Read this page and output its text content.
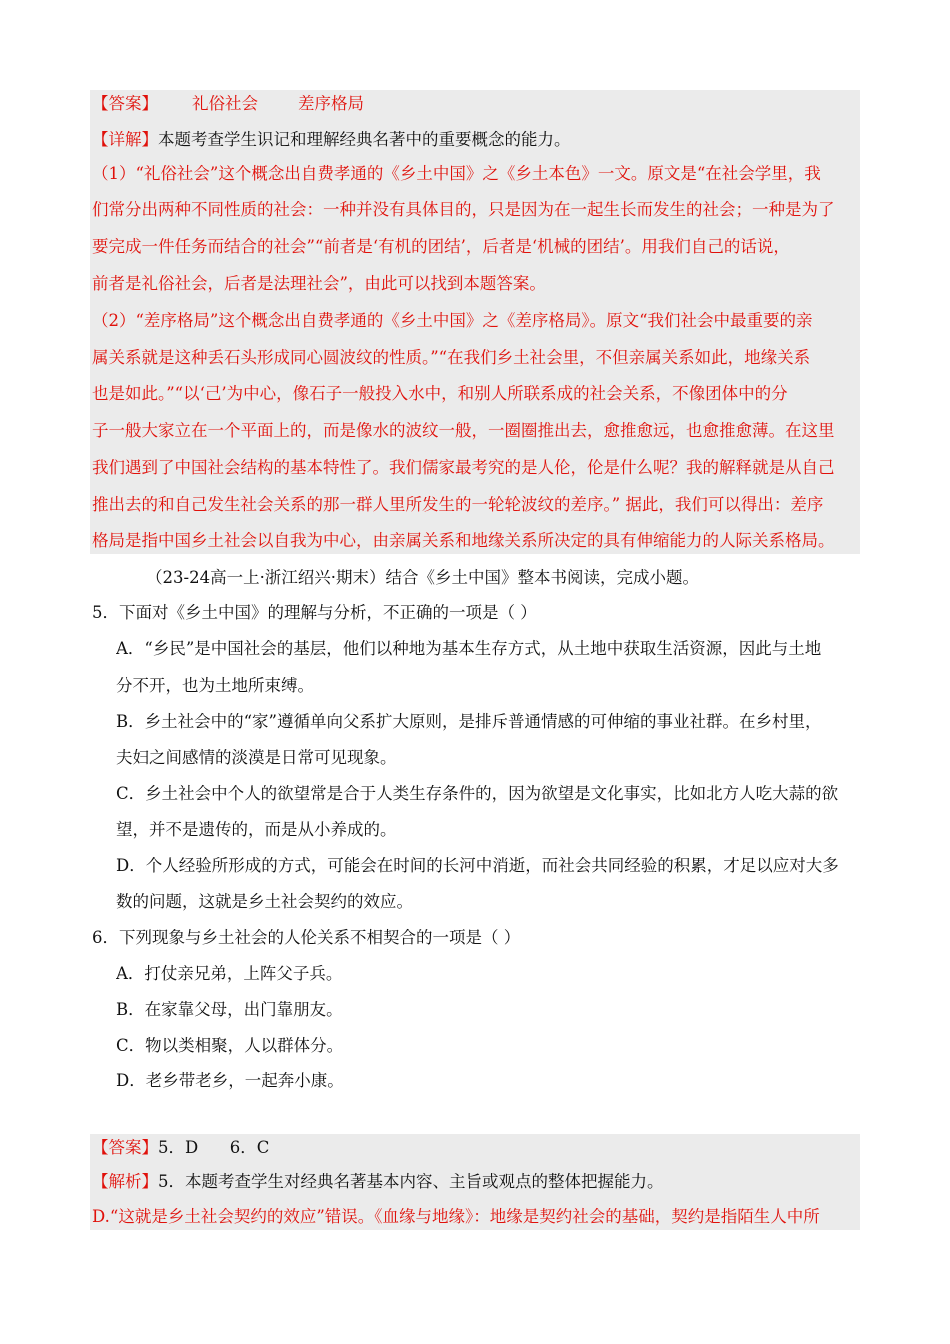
【答案】 礼俗社会 差序格局
【详解】本题考查学生识记和理解经典名著中的重要概念的能力。
（1）“礼俗社会”这个概念出自费孝通的《乡土中国》之《乡土本色》一文。原文是“在社会学里，我
们常分出两种不同性质的社会：一种并没有具体目的，只是因为在一起生长而发生的社会；一种是为了
要完成一件任务而结合的社会”“前者是‘有机的团结’，后者是‘机械的团结’。用我们自己的话说，
前者是礼俗社会，后者是法理社会”，由此可以找到本题答案。
（2）“差序格局”这个概念出自费孝通的《乡土中国》之《差序格局》。原文“我们社会中最重要的亲
属关系就是这种丢石头形成同心圆波纹的性质。”“在我们乡土社会里，不但亲属关系如此，地缘关系
也是如此。”“以‘己’为中心，像石子一般投入水中，和别人所联系成的社会关系，不像团体中的分
子一般大家立在一个平面上的，而是像水的波纹一般，一圈圈推出去，愈推愈远，也愈推愈薄。在这里
我们遇到了中国社会结构的基本特性了。我们儒家最考究的是人伦，伦是什么呢？我的解释就是从自己
推出去的和自己发生社会关系的那一群人里所发生的一轮轮波纹的差序。” 据此，我们可以得出：差序
格局是指中国乡土社会以自我为中心，由亲属关系和地缘关系所决定的具有伸缩能力的人际关系格局。
（23-24高一上·浙江绍兴·期末）结合《乡土中国》整本书阅读，完成小题。
5．下面对《乡土中国》的理解与分析，不正确的一项是（ ）
A．“乡民”是中国社会的基层，他们以种地为基本生存方式，从土地中获取生活资源，因此与土地
分不开，也为土地所束缚。
B．乡土社会中的“家”遵循单向父系扩大原则，是排斥普通情感的可伸缩的事业社群。在乡村里，
夫妇之间感情的淡漠是日常可见现象。
C．乡土社会中个人的欲望常是合于人类生存条件的，因为欲望是文化事实，比如北方人吃大蒜的欲
望，并不是遗传的，而是从小养成的。
D．个人经验所形成的方式，可能会在时间的长河中消逝，而社会共同经验的积累，才足以应对大多
数的问题，这就是乡土社会契约的效应。
6．下列现象与乡土社会的人伦关系不相契合的一项是（ ）
A．打仗亲兄弟，上阵父子兵。
B．在家靠父母，出门靠朋友。
C．物以类相聚，人以群体分。
D．老乡带老乡，一起奔小康。
【答案】5．D      6．C
【解析】5．本题考查学生对经典名著基本内容、主旨或观点的整体把握能力。
D.“这就是乡土社会契约的效应”错误。《血缘与地缘》：地缘是契约社会的基础，契约是指陌生人中所
